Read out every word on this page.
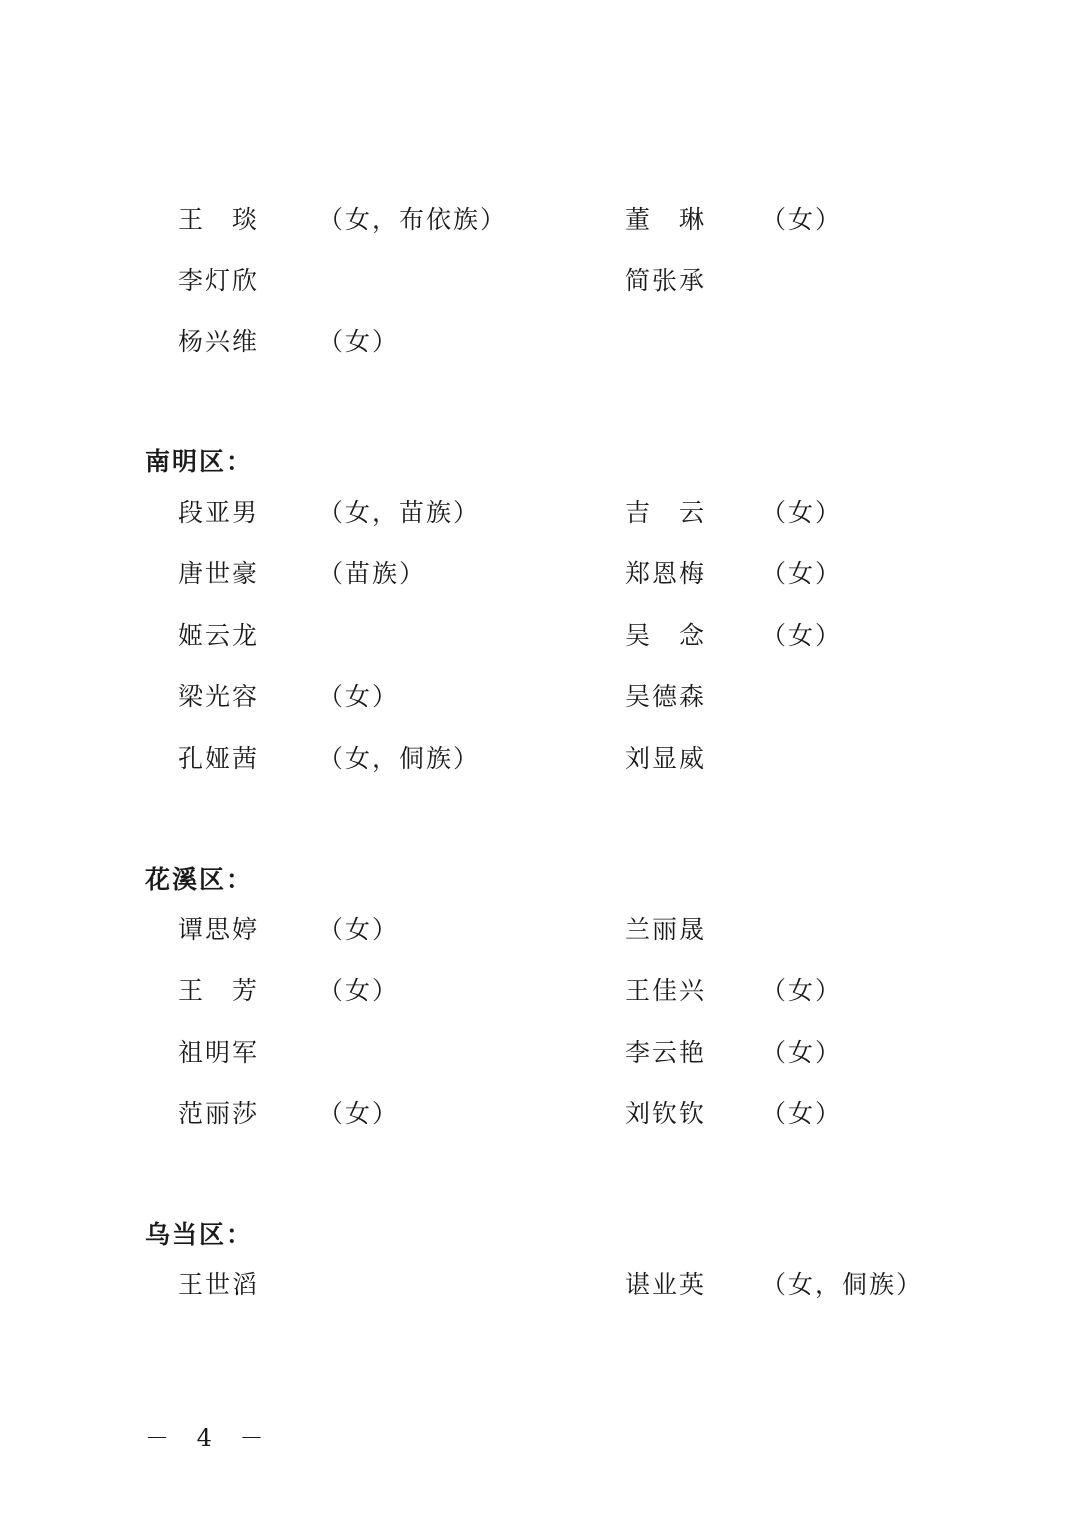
王　琰 （女，布依族）	董　琳 （女）
李灯欣	简张承
杨兴维 （女）
南明区：
段亚男 （女，苗族）	吉　云 （女）
唐世豪 （苗族）	郑恩梅 （女）
姬云龙	吴　念 （女）
梁光容 （女）	吴德森
孔娅茜 （女，侗族）	刘显威
花溪区：
谭思婷 （女）	兰丽晟
王　芳 （女）	王佳兴 （女）
祖明军	李云艳 （女）
范丽莎 （女）	刘钦钦 （女）
乌当区：
王世滔	谌业英 （女，侗族）
－ 4 －
